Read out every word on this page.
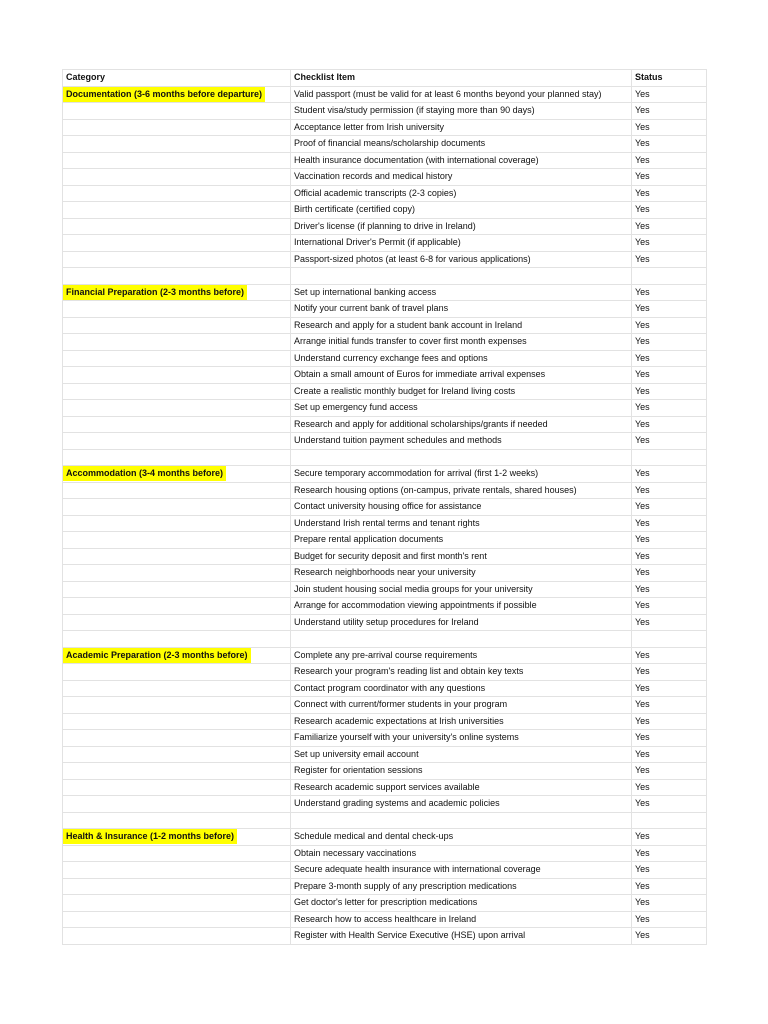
Category	Checklist Item	Status
Documentation (3-6 months before departure)	Valid passport (must be valid for at least 6 months beyond your planned stay)	Yes
	Student visa/study permission (if staying more than 90 days)	Yes
	Acceptance letter from Irish university	Yes
	Proof of financial means/scholarship documents	Yes
	Health insurance documentation (with international coverage)	Yes
	Vaccination records and medical history	Yes
	Official academic transcripts (2-3 copies)	Yes
	Birth certificate (certified copy)	Yes
	Driver's license (if planning to drive in Ireland)	Yes
	International Driver's Permit (if applicable)	Yes
	Passport-sized photos (at least 6-8 for various applications)	Yes

Financial Preparation (2-3 months before)	Set up international banking access	Yes
	Notify your current bank of travel plans	Yes
	Research and apply for a student bank account in Ireland	Yes
	Arrange initial funds transfer to cover first month expenses	Yes
	Understand currency exchange fees and options	Yes
	Obtain a small amount of Euros for immediate arrival expenses	Yes
	Create a realistic monthly budget for Ireland living costs	Yes
	Set up emergency fund access	Yes
	Research and apply for additional scholarships/grants if needed	Yes
	Understand tuition payment schedules and methods	Yes

Accommodation (3-4 months before)	Secure temporary accommodation for arrival (first 1-2 weeks)	Yes
	Research housing options (on-campus, private rentals, shared houses)	Yes
	Contact university housing office for assistance	Yes
	Understand Irish rental terms and tenant rights	Yes
	Prepare rental application documents	Yes
	Budget for security deposit and first month's rent	Yes
	Research neighborhoods near your university	Yes
	Join student housing social media groups for your university	Yes
	Arrange for accommodation viewing appointments if possible	Yes
	Understand utility setup procedures for Ireland	Yes

Academic Preparation (2-3 months before)	Complete any pre-arrival course requirements	Yes
	Research your program's reading list and obtain key texts	Yes
	Contact program coordinator with any questions	Yes
	Connect with current/former students in your program	Yes
	Research academic expectations at Irish universities	Yes
	Familiarize yourself with your university's online systems	Yes
	Set up university email account	Yes
	Register for orientation sessions	Yes
	Research academic support services available	Yes
	Understand grading systems and academic policies	Yes

Health & Insurance (1-2 months before)	Schedule medical and dental check-ups	Yes
	Obtain necessary vaccinations	Yes
	Secure adequate health insurance with international coverage	Yes
	Prepare 3-month supply of any prescription medications	Yes
	Get doctor's letter for prescription medications	Yes
	Research how to access healthcare in Ireland	Yes
	Register with Health Service Executive (HSE) upon arrival	Yes
